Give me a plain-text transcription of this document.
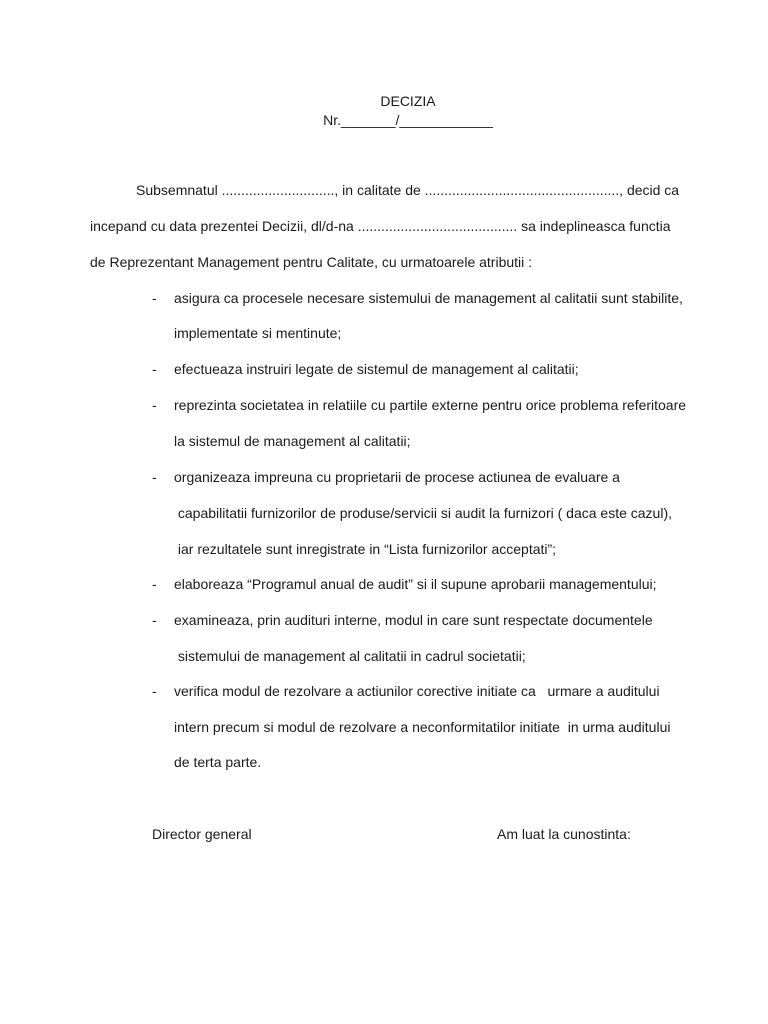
DECIZIA
Nr._______/____________
Subsemnatul ............................., in calitate de .................................................., decid ca
incepand cu data prezentei Decizii, dl/d-na ......................................... sa indeplineasca functia
de Reprezentant Management pentru Calitate, cu urmatoarele atributii :
- asigura ca procesele necesare sistemului de management al calitatii sunt stabilite,
implementate si mentinute;
- efectueaza instruiri legate de sistemul de management al calitatii;
- reprezinta societatea in relatiile cu partile externe pentru orice problema referitoare
la sistemul de management al calitatii;
- organizeaza impreuna cu proprietarii de procese actiunea de evaluare a
capabilitatii furnizorilor de produse/servicii si audit la furnizori ( daca este cazul),
iar rezultatele sunt inregistrate in “Lista furnizorilor acceptati”;
- elaboreaza “Programul anual de audit” si il supune aprobarii managementului;
- examineaza, prin audituri interne, modul in care sunt respectate documentele
sistemului de management al calitatii in cadrul societatii;
- verifica modul de rezolvare a actiunilor corective initiate ca   urmare a auditului
intern precum si modul de rezolvare a neconformitatilor initiate  in urma auditului
de terta parte.
Director general	Am luat la cunostinta:
